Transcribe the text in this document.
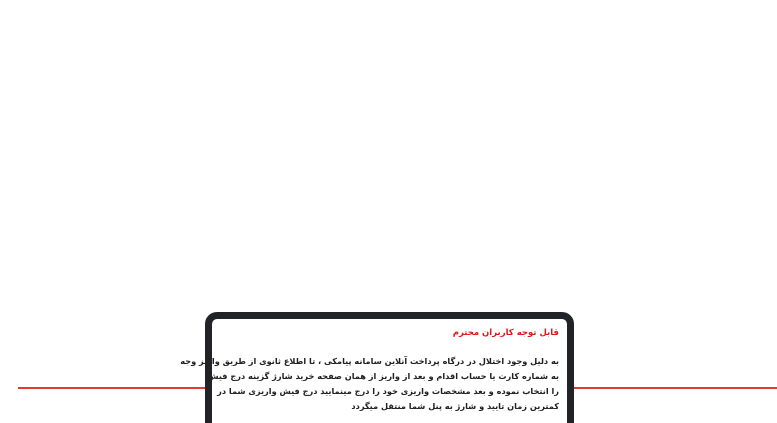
قابل توجه کاربران محترم

به دلیل وجود اختلال در درگاه پرداخت آنلاین سامانه پیامکی ، تا اطلاع ثانوی از طریق واریز وجه
به شماره کارت یا حساب اقدام و بعد از واریز از همان صفحه خرید شارژ گزینه درج فیش
را انتخاب نموده و بعد مشخصات واریزی خود را درج مینمایید درج فیش واریزی شما در
کمترین زمان تایید و شارژ به پنل شما منتقل میگردد
